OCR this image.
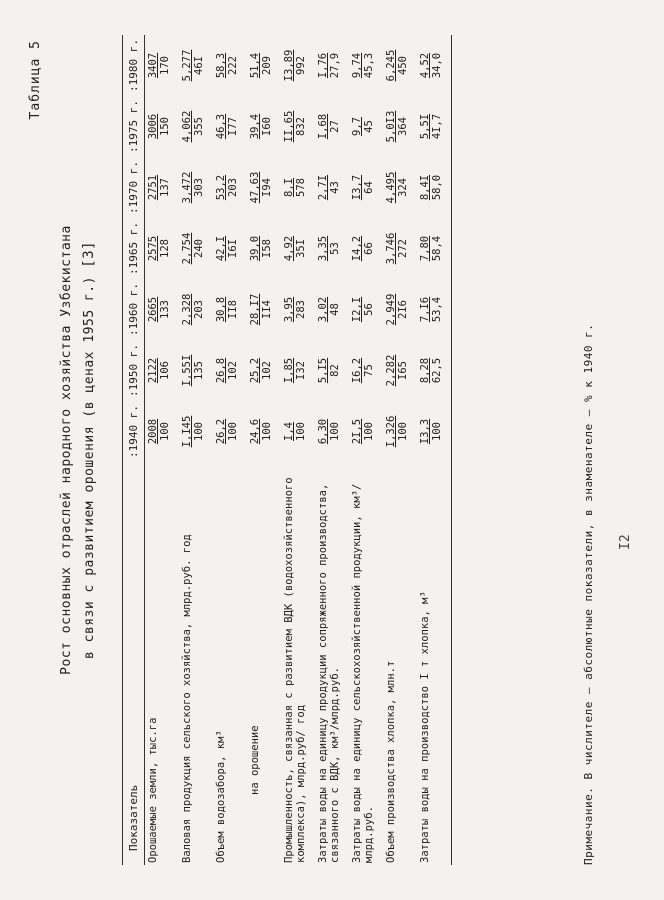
Таблица 5
Рост основных отраслей народного хозяйства Узбекистана в связи с развитием орошения (в ценах 1955 г.) [3]
Показатель	:1940 г.	:1950 г.	:1960 г.	:1965 г.	:1970 г.	:1975 г.	:1980 г.
Орошаемые земли, тыс.га	2008 100	2122 106	2665 133	2575 128	2751 137	3006 150	3407 170

Валовая продукция сельского хозяйства, млрд.руб. год	I,I45 100	I,55I 135	2,328 203	2,754 240	3,472 303	4,062 355	5,277 46I

Объем водозабора, км³	26,2 100	26,8 102	30,8 II8	42,I I6I	53,2 203	46,3 I77	58,3 222

на орошение	24,6 100	25,2 102	28,I7 II4	39,0 I58	47,63 I94	39,4 I60	51,4 209

Промышленность, связанная с развитием ВДК (водохозяйственного комплекса), млрд.руб/ год	I,4 100	I,85 I32	3,95 283	4,92 35I	8,I 578	II,65 832	I3,89 992

Затраты воды на единицу продукции сопряженного производства, связанного с ВДК, км³/млрд.руб.	6,30 100	5,I5 82	3,02 48	3,35 53	2,7I 43	I,68 27	I,76 27,9

Затраты воды на единицу сельскохозяйственной продукции, км³/млрд.руб.	2I,5 100	I6,2 75	I2,I 56	I4,2 66	I3,7 64	9,7 45	9,74 45,3

Объем производства хлопка, млн.т	I,326 100	2,282 I65	2,949 2I6	3,746 272	4,495 324	5,0I3 364	6,245 450

Затраты воды на производство I т хлопка, м³	I3,3 100	8,28 62,5	7,I6 53,4	7,80 58,4	8,4I 58,0	5,5I 4I,7	4,52 34,0
Примечание. В числителе – абсолютные показатели, в знаменателе – % к 1940 г. I2
